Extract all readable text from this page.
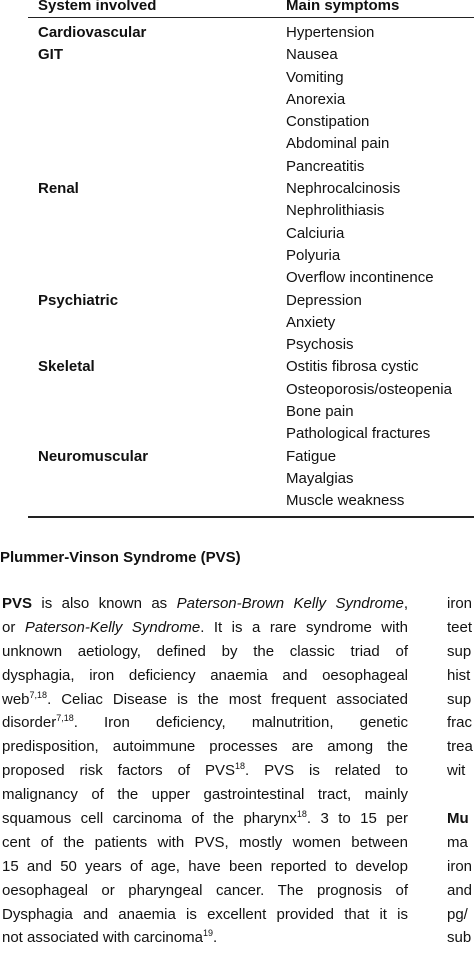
System involved	Main symptoms
Cardiovascular	Hypertension
GIT	Nausea
Vomiting
Anorexia
Constipation
Abdominal pain
Pancreatitis
Renal	Nephrocalcinosis
Nephrolithiasis
Calciuria
Polyuria
Overflow incontinence
Psychiatric	Depression
Anxiety
Psychosis
Skeletal	Ostitis fibrosa cystic
Osteoporosis/osteopenia
Bone pain
Pathological fractures
Neuromuscular	Fatigue
Mayalgias
Muscle weakness
Plummer-Vinson Syndrome (PVS)
PVS is also known as Paterson-Brown Kelly Syndrome,
or Paterson-Kelly Syndrome. It is a rare syndrome with
unknown aetiology, defined by the classic triad of
dysphagia, iron deficiency anaemia and oesophageal
web$^{7,18}$. Celiac Disease is the most frequent associated
disorder$^{7,18}$. Iron deficiency, malnutrition, genetic
predisposition, autoimmune processes are among the
proposed risk factors of PVS$^{18}$. PVS is related to
malignancy of the upper gastrointestinal tract, mainly
squamous cell carcinoma of the pharynx$^{18}$. 3 to 15 per
cent of the patients with PVS, mostly women between
15 and 50 years of age, have been reported to develop
oesophageal or pharyngeal cancer. The prognosis of
Dysphagia and anaemia is excellent provided that it is
not associated with carcinoma$^{19}$.
iron
teet
sup
hist
sup
frac
trea
wit
Mu
ma
iron
and
pg/
sub
